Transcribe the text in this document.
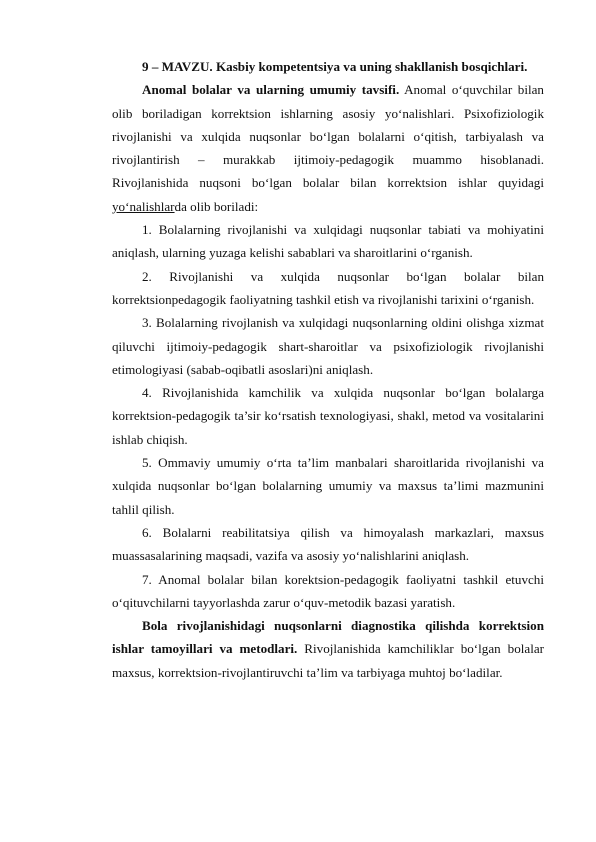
9 – MAVZU. Kasbiy kompetentsiya va uning shakllanish bosqichlari.

Anomal bolalar va ularning umumiy tavsifi. Anomal o‘quvchilar bilan olib boriladigan korrektsion ishlarning asosiy yo‘nalishlari. Psixofiziologik rivojlanishi va xulqida nuqsonlar bo‘lgan bolalarni o‘qitish, tarbiyalash va rivojlantirish – murakkab ijtimoiy-pedagogik muammo hisoblanadi. Rivojlanishida nuqsoni bo‘lgan bolalar bilan korrektsion ishlar quyidagi yo‘nalishlarda olib boriladi:

1. Bolalarning rivojlanishi va xulqidagi nuqsonlar tabiati va mohiyatini aniqlash, ularning yuzaga kelishi sabablari va sharoitlarini o‘rganish.

2. Rivojlanishi va xulqida nuqsonlar bo‘lgan bolalar bilan korrektsionpedagogik faoliyatning tashkil etish va rivojlanishi tarixini o‘rganish.

3. Bolalarning rivojlanish va xulqidagi nuqsonlarning oldini olishga xizmat qiluvchi ijtimoiy-pedagogik shart-sharoitlar va psixofiziologik rivojlanishi etimologiyasi (sabab-oqibatli asoslari)ni aniqlash.

4. Rivojlanishida kamchilik va xulqida nuqsonlar bo‘lgan bolalarga korrektsion-pedagogik ta’sir ko‘rsatish texnologiyasi, shakl, metod va vositalarini ishlab chiqish.

5. Ommaviy umumiy o‘rta ta’lim manbalari sharoitlarida rivojlanishi va xulqida nuqsonlar bo‘lgan bolalarning umumiy va maxsus ta’limi mazmunini tahlil qilish.

6. Bolalarni reabilitatsiya qilish va himoyalash markazlari, maxsus muassasalarining maqsadi, vazifa va asosiy yo‘nalishlarini aniqlash.

7. Anomal bolalar bilan korektsion-pedagogik faoliyatni tashkil etuvchi o‘qituvchilarni tayyorlashda zarur o‘quv-metodik bazasi yaratish.

Bola rivojlanishidagi nuqsonlarni diagnostika qilishda korrektsion ishlar tamoyillari va metodlari. Rivojlanishida kamchiliklar bo‘lgan bolalar maxsus, korrektsion-rivojlantiruvchi ta’lim va tarbiyaga muhtoj bo‘ladilar.
